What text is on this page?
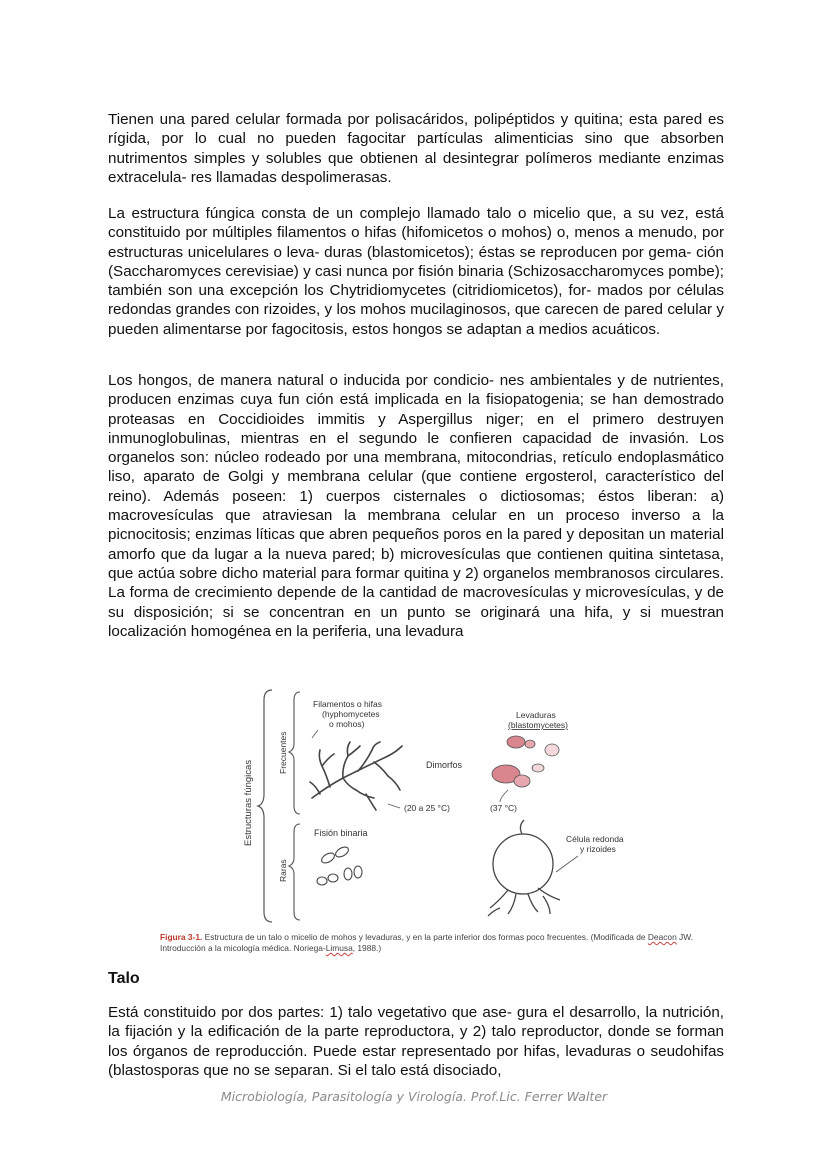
Tienen una pared celular formada por polisacáridos, polipéptidos y quitina; esta pared es rígida, por lo cual no pueden fagocitar partículas alimenticias sino que absorben nutrimentos simples y solubles que obtienen al desintegrar polímeros mediante enzimas extracelula- res llamadas despolimerasas.

La estructura fúngica consta de un complejo llamado talo o micelio que, a su vez, está constituido por múltiples filamentos o hifas (hifomicetos o mohos) o, menos a menudo, por estructuras unicelulares o leva- duras (blastomicetos); éstas se reproducen por gema- ción (Saccharomyces cerevisiae) y casi nunca por fisión binaria (Schizosaccharomyces pombe); también son una excepción los Chytridiomycetes (citridiomicetos), for- mados por células redondas grandes con rizoides, y los mohos mucilaginosos, que carecen de pared celular y pueden alimentarse por fagocitosis, estos hongos se adaptan a medios acuáticos.

Los hongos, de manera natural o inducida por condicio- nes ambientales y de nutrientes, producen enzimas cuya fun ción está implicada en la fisiopatogenia; se han demostrado proteasas en Coccidioides immitis y Aspergillus niger; en el primero destruyen inmunoglobulinas, mientras en el segundo le confieren capacidad de invasión. Los organelos son: núcleo rodeado por una membrana, mitocondrias, retículo endoplasmático liso, aparato de Golgi y membrana celular (que contiene ergosterol, característico del reino). Además poseen: 1) cuerpos cisternales o dictiosomas; éstos liberan: a) macrovesículas que atraviesan la membrana celular en un proceso inverso a la picnocitosis; enzimas líticas que abren pequeños poros en la pared y depositan un material amorfo que da lugar a la nueva pared; b) microvesículas que contienen quitina sintetasa, que actúa sobre dicho material para formar quitina y 2) organelos membranosos circulares. La forma de crecimiento depende de la cantidad de macrovesículas y microvesículas, y de su disposición; si se concentran en un punto se originará una hifa, y si muestran localización homogénea en la periferia, una levadura

Estructuras fúngicas
Frecuentes
Raras
Filamentos o hifas
(hyphomycetes
o mohos)
(20 a 25 °C)	(37 °C)
Dimorfos
Levaduras
(blastomycetes)
Fisión binaria
Célula redonda
y rizoides

Figura 3-1. Estructura de un talo o micelio de mohos y levaduras, y en la parte inferior dos formas poco frecuentes. (Modificada de Deacon JW. Introducción a la micología médica. Noriega-Limusa, 1988.)

Talo

Está constituido por dos partes: 1) talo vegetativo que ase- gura el desarrollo, la nutrición, la fijación y la edificación de la parte reproductora, y 2) talo reproductor, donde se forman los órganos de reproducción. Puede estar representado por hifas, levaduras o seudohifas (blastosporas que no se separan. Si el talo está disociado,

Microbiología, Parasitología y Virología. Prof.Lic. Ferrer Walter
